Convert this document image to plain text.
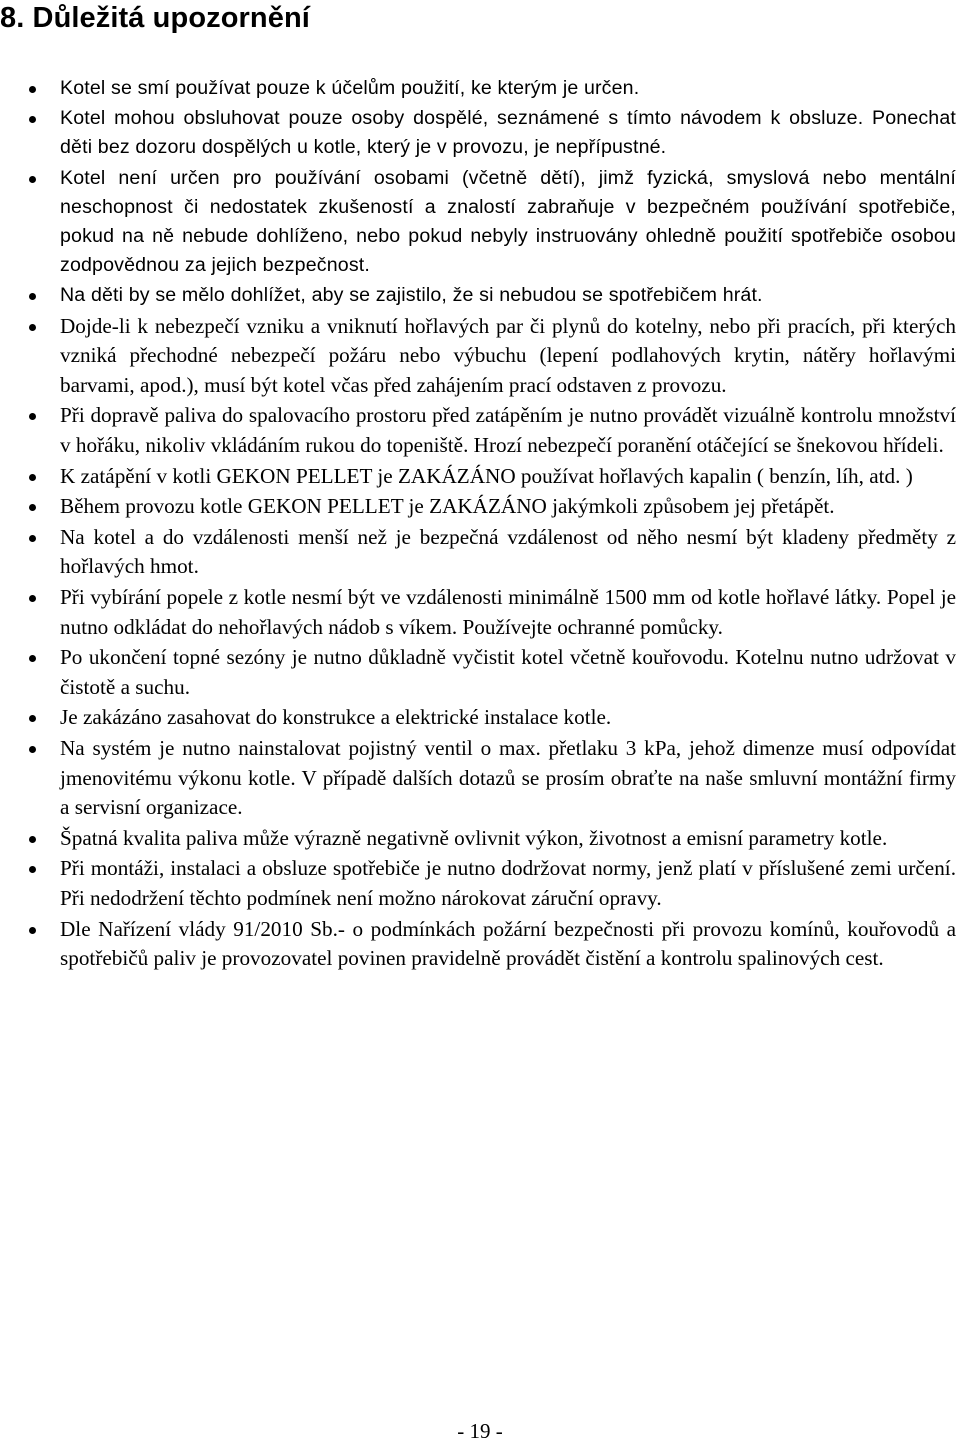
8. Důležitá upozornění
Kotel se smí používat pouze k účelům použití, ke kterým je určen.
Kotel mohou obsluhovat pouze osoby dospělé, seznámené s tímto návodem k obsluze. Ponechat děti bez dozoru dospělých u kotle, který je v provozu, je nepřípustné.
Kotel není určen pro používání osobami (včetně dětí), jimž fyzická, smyslová nebo mentální neschopnost či nedostatek zkušeností a znalostí zabraňuje v bezpečném používání spotřebiče, pokud na ně nebude dohlíženo, nebo pokud nebyly instruovány ohledně použití spotřebiče osobou zodpovědnou za jejich bezpečnost.
Na děti by se mělo dohlížet, aby se zajistilo, že si nebudou se spotřebičem hrát.
Dojde-li k nebezpečí vzniku a vniknutí hořlavých par či plynů do kotelny, nebo při pracích, při kterých vzniká přechodné nebezpečí požáru nebo výbuchu (lepení podlahových krytin, nátěry hořlavými barvami, apod.), musí být kotel včas před zahájením prací odstaven z provozu.
Při dopravě paliva do spalovacího prostoru před zatápěním je nutno provádět vizuálně kontrolu množství v hořáku, nikoliv vkládáním rukou do topeniště. Hrozí nebezpečí poranění otáčející se šnekovou hřídeli.
K zatápění v kotli GEKON PELLET je ZAKÁZÁNO používat hořlavých kapalin ( benzín, líh, atd. )
Během provozu kotle GEKON PELLET je ZAKÁZÁNO jakýmkoli způsobem jej přetápět.
Na kotel a do vzdálenosti menší než je bezpečná vzdálenost od něho nesmí být kladeny předměty z hořlavých hmot.
Při vybírání popele z kotle nesmí být ve vzdálenosti minimálně 1500 mm od kotle hořlavé látky. Popel je nutno odkládat do nehořlavých nádob s víkem. Používejte ochranné pomůcky.
Po ukončení topné sezóny je nutno důkladně vyčistit kotel včetně kouřovodu. Kotelnu nutno udržovat v čistotě a suchu.
Je zakázáno zasahovat do konstrukce a elektrické instalace kotle.
Na systém je nutno nainstalovat pojistný ventil o max. přetlaku 3 kPa, jehož dimenze musí odpovídat jmenovitému výkonu kotle. V případě dalších dotazů se prosím obraťte na naše smluvní montážní firmy a servisní organizace.
Špatná kvalita paliva může výrazně negativně ovlivnit výkon, životnost a emisní parametry kotle.
Při montáži, instalaci a obsluze spotřebiče je nutno dodržovat normy, jenž platí v příslušené zemi určení. Při nedodržení těchto podmínek není možno nárokovat záruční opravy.
Dle Nařízení vlády 91/2010 Sb.- o podmínkách požární bezpečnosti při provozu komínů, kouřovodů a spotřebičů paliv je provozovatel povinen pravidelně provádět čistění a kontrolu spalinových cest.
- 19 -
